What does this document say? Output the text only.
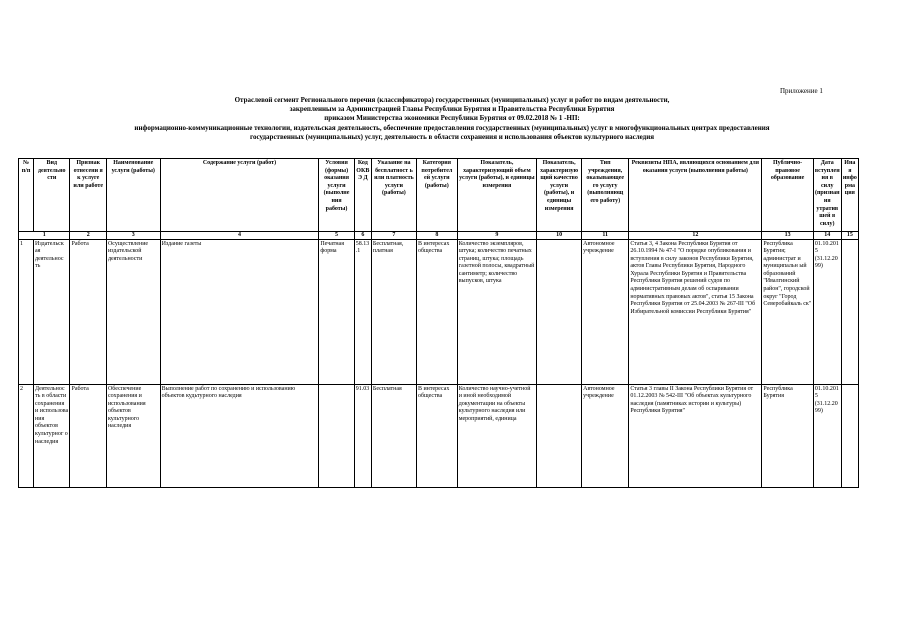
Приложение 1
Отраслевой сегмент Регионального перечня (классификатора) государственных (муниципальных) услуг и работ по видам деятельности,
закрепленным за Администрацией Главы Республики Бурятия и Правительства Республики Бурятия
приказом Министерства экономики Республики Бурятия от 09.02.2018 № 1 -НП:
информационно-коммуникационные технологии, издательская деятельность, обеспечение предоставления государственных (муниципальных) услуг в многофункциональных центрах предоставления
государственных (муниципальных) услуг, деятельность в области сохранения и использования объектов культурного наследия
№ п/п	Вид деятельно сти	Признак отнесени я к услуге или работе	Наименование услуги (работы)	Содержание услуги (работ)	Условия (формы) оказания услуги (выполне ния работы)	Код ОКВЭ Д	Указание на бесплатност ь или платность услуги (работы)	Категория потребител ей услуги (работы)	Показатель, характеризующий объем услуги (работы), и единицы измерения	Показатель, характеризую щий качество услуги (работы), и единицы измерения	Тип учреждения, оказывающее го услугу (выполняющ его работу)	Реквизиты НПА, являющихся основанием для оказания услуги (выполнения работы)	Публично-правовое образование	Дата вступления в силу (признания утратившей в силу)	Иная информа ция
1		2	3	4	5	6	7	8	9	10	11	12	13	14	15
1	Издательск ая деятельнос ть	Работа	Осуществление издательской деятельности	Издание газеты	Печатная форма	58.13.1	Бесплатная, платная	В интересах общества	Количество экземпляров, штука; количество печатных страниц, штука; площадь газетной полосы, квадратный сантиметр; количество выпусков, штука		Автономное учреждение	Статья 3, 4 Закона Республики Бурятия от 26.10.1994 № 47-I "О порядке опубликования и вступления в силу законов Республики Бурятия, актов Главы Республики Бурятия, Народного Хурала Республики Бурятия и Правительства Республики Бурятия решений судов по административным делам об оспаривании нормативных правовых актов", статья 15 Закона Республики Бурятия от 25.04.2003 № 267-III "Об Избирательной комиссии Республики Бурятия"	Республика Бурятия; администрат и муниципальн ый образований "Ивалгинский район", городской округ "Город Северобайкаль ск"	01.10.2015 (31.12.2099)	
2	Деятельнос ть в области сохранения и использова ния объектов культурног о наследия	Работа	Обеспечение сохранения и использования объектов культурного наследия	Выполнение работ по сохранению и использованию объектов кудьтурного наследия		91.03	Бесплатная	В интересах общества	Количество научно-учетной и иной необходимой документации на объекты культурного наследия или мероприятий, единица		Автономное учреждение	Статья 3 главы II Закона Республики Бурятия от 01.12.2003 № 542-III "Об объектах культурного наследия (памятниках истории и культуры) Республики Бурятия"	Республика Бурятия	01.10.2015 (31.12.2099)	
